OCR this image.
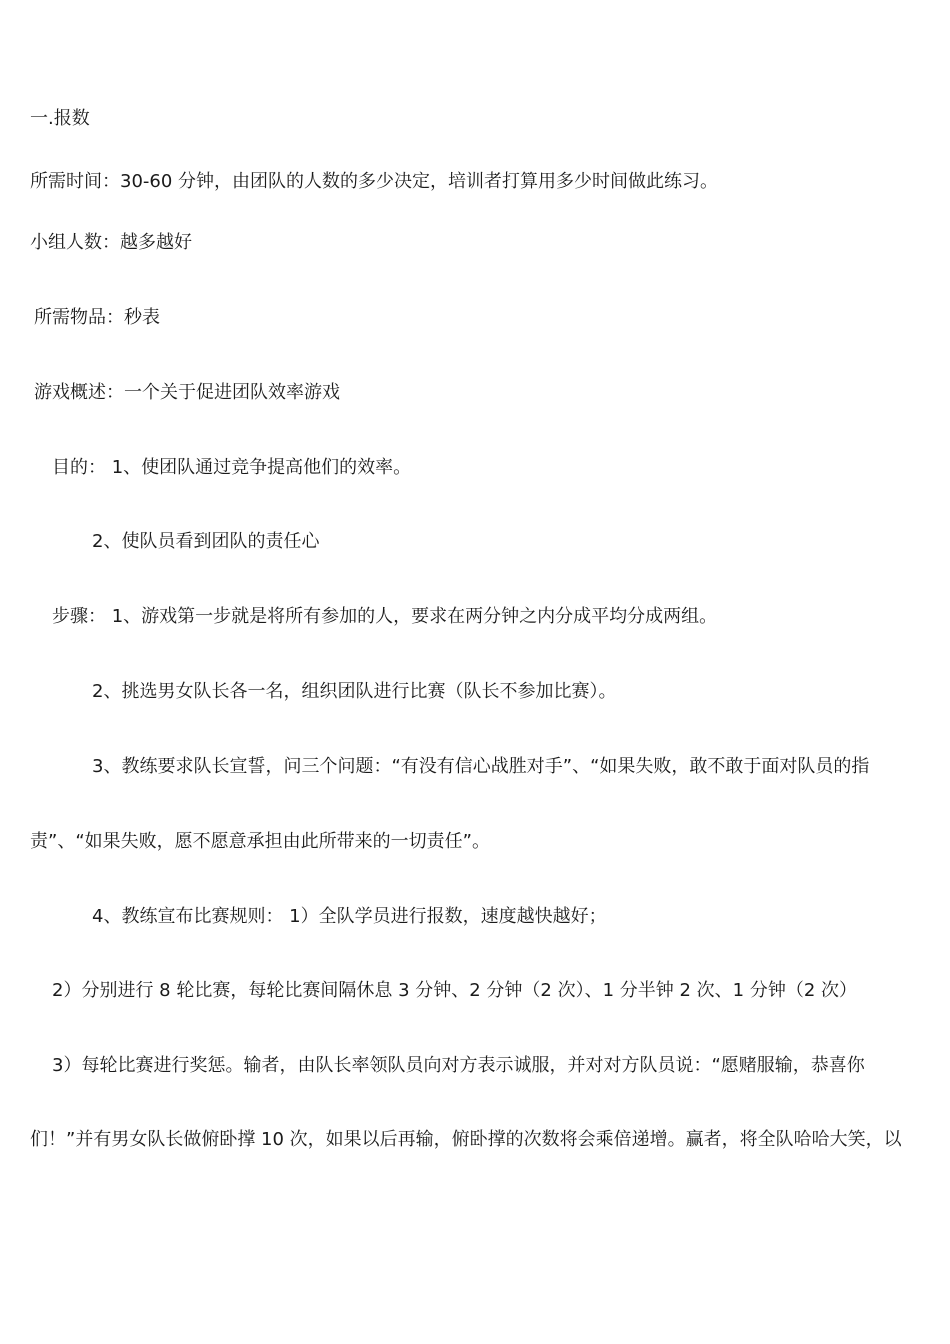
一.报数
所需时间：30-60 分钟，由团队的人数的多少决定，培训者打算用多少时间做此练习。
小组人数：越多越好
所需物品：秒表
游戏概述：一个关于促进团队效率游戏
目的： 1、使团队通过竞争提高他们的效率。
2、使队员看到团队的责任心
步骤： 1、游戏第一步就是将所有参加的人，要求在两分钟之内分成平均分成两组。
2、挑选男女队长各一名，组织团队进行比赛（队长不参加比赛）。
3、教练要求队长宣誓，问三个问题：“有没有信心战胜对手”、“如果失败，敢不敢于面对队员的指
责”、“如果失败，愿不愿意承担由此所带来的一切责任”。
4、教练宣布比赛规则： 1）全队学员进行报数，速度越快越好；
2）分别进行 8 轮比赛，每轮比赛间隔休息 3 分钟、2 分钟（2 次）、1 分半钟 2 次、1 分钟（2 次）
3）每轮比赛进行奖惩。输者，由队长率领队员向对方表示诚服，并对对方队员说：“愿赌服输，恭喜你
们！”并有男女队长做俯卧撑 10 次，如果以后再输，俯卧撑的次数将会乘倍递增。赢者，将全队哈哈大笑，以
